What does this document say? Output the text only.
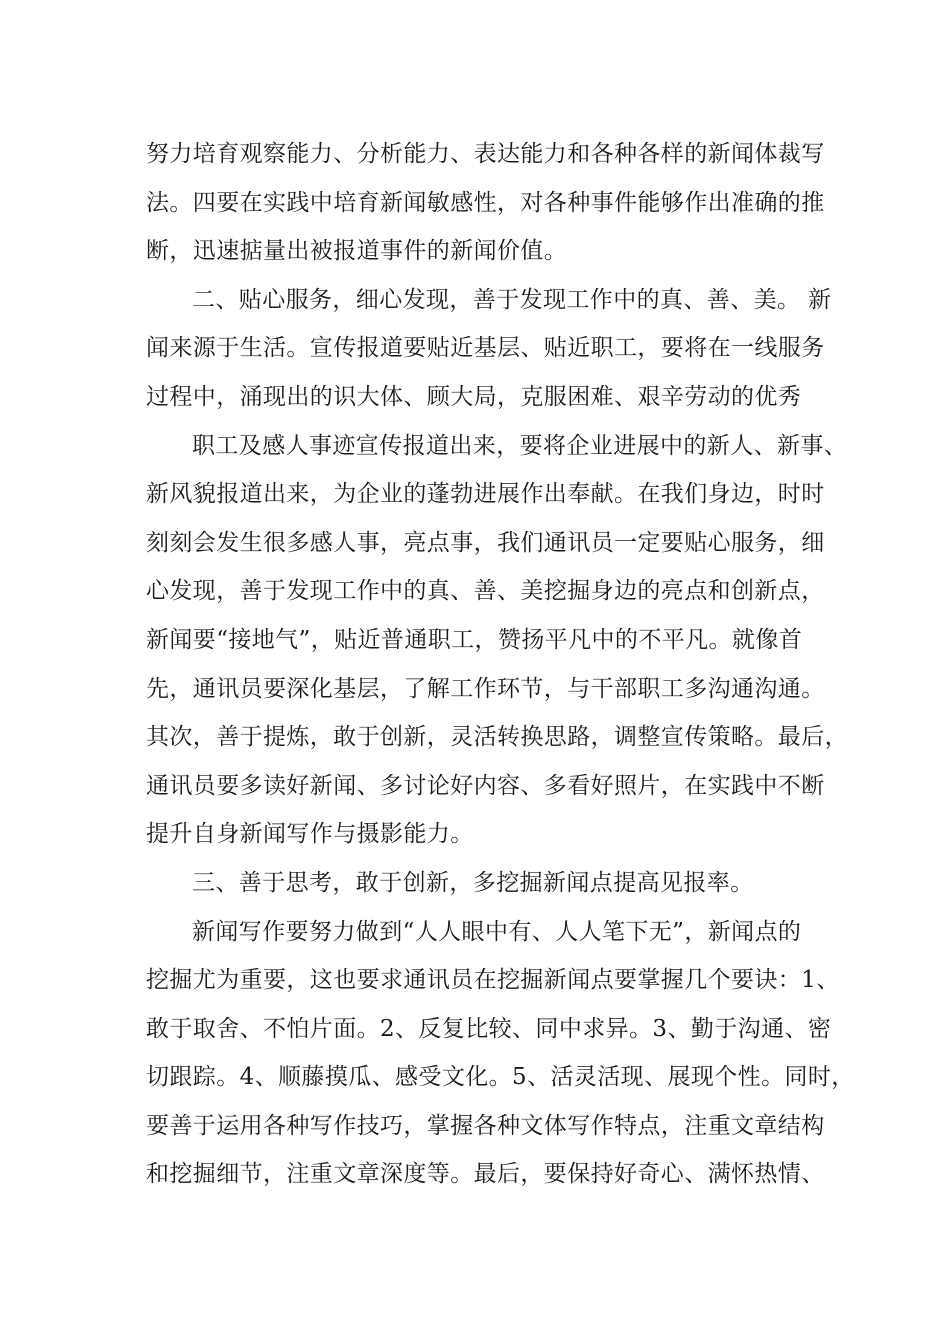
努力培育观察能力、分析能力、表达能力和各种各样的新闻体裁写
法。四要在实践中培育新闻敏感性，对各种事件能够作出准确的推
断，迅速掂量出被报道事件的新闻价值。
二、贴心服务，细心发现，善于发现工作中的真、善、美。 新
闻来源于生活。宣传报道要贴近基层、贴近职工，要将在一线服务
过程中，涌现出的识大体、顾大局，克服困难、艰辛劳动的优秀
职工及感人事迹宣传报道出来，要将企业进展中的新人、新事、
新风貌报道出来，为企业的蓬勃进展作出奉献。在我们身边，时时
刻刻会发生很多感人事，亮点事，我们通讯员一定要贴心服务，细
心发现，善于发现工作中的真、善、美挖掘身边的亮点和创新点，
新闻要“接地气”，贴近普通职工，赞扬平凡中的不平凡。就像首
先，通讯员要深化基层，了解工作环节，与干部职工多沟通沟通。
其次，善于提炼，敢于创新，灵活转换思路，调整宣传策略。最后，
通讯员要多读好新闻、多讨论好内容、多看好照片，在实践中不断
提升自身新闻写作与摄影能力。
三、善于思考，敢于创新，多挖掘新闻点提高见报率。
新闻写作要努力做到“人人眼中有、人人笔下无”，新闻点的
挖掘尤为重要，这也要求通讯员在挖掘新闻点要掌握几个要诀：1、
敢于取舍、不怕片面。2、反复比较、同中求异。3、勤于沟通、密
切跟踪。4、顺藤摸瓜、感受文化。5、活灵活现、展现个性。同时，
要善于运用各种写作技巧，掌握各种文体写作特点，注重文章结构
和挖掘细节，注重文章深度等。最后，要保持好奇心、满怀热情、
